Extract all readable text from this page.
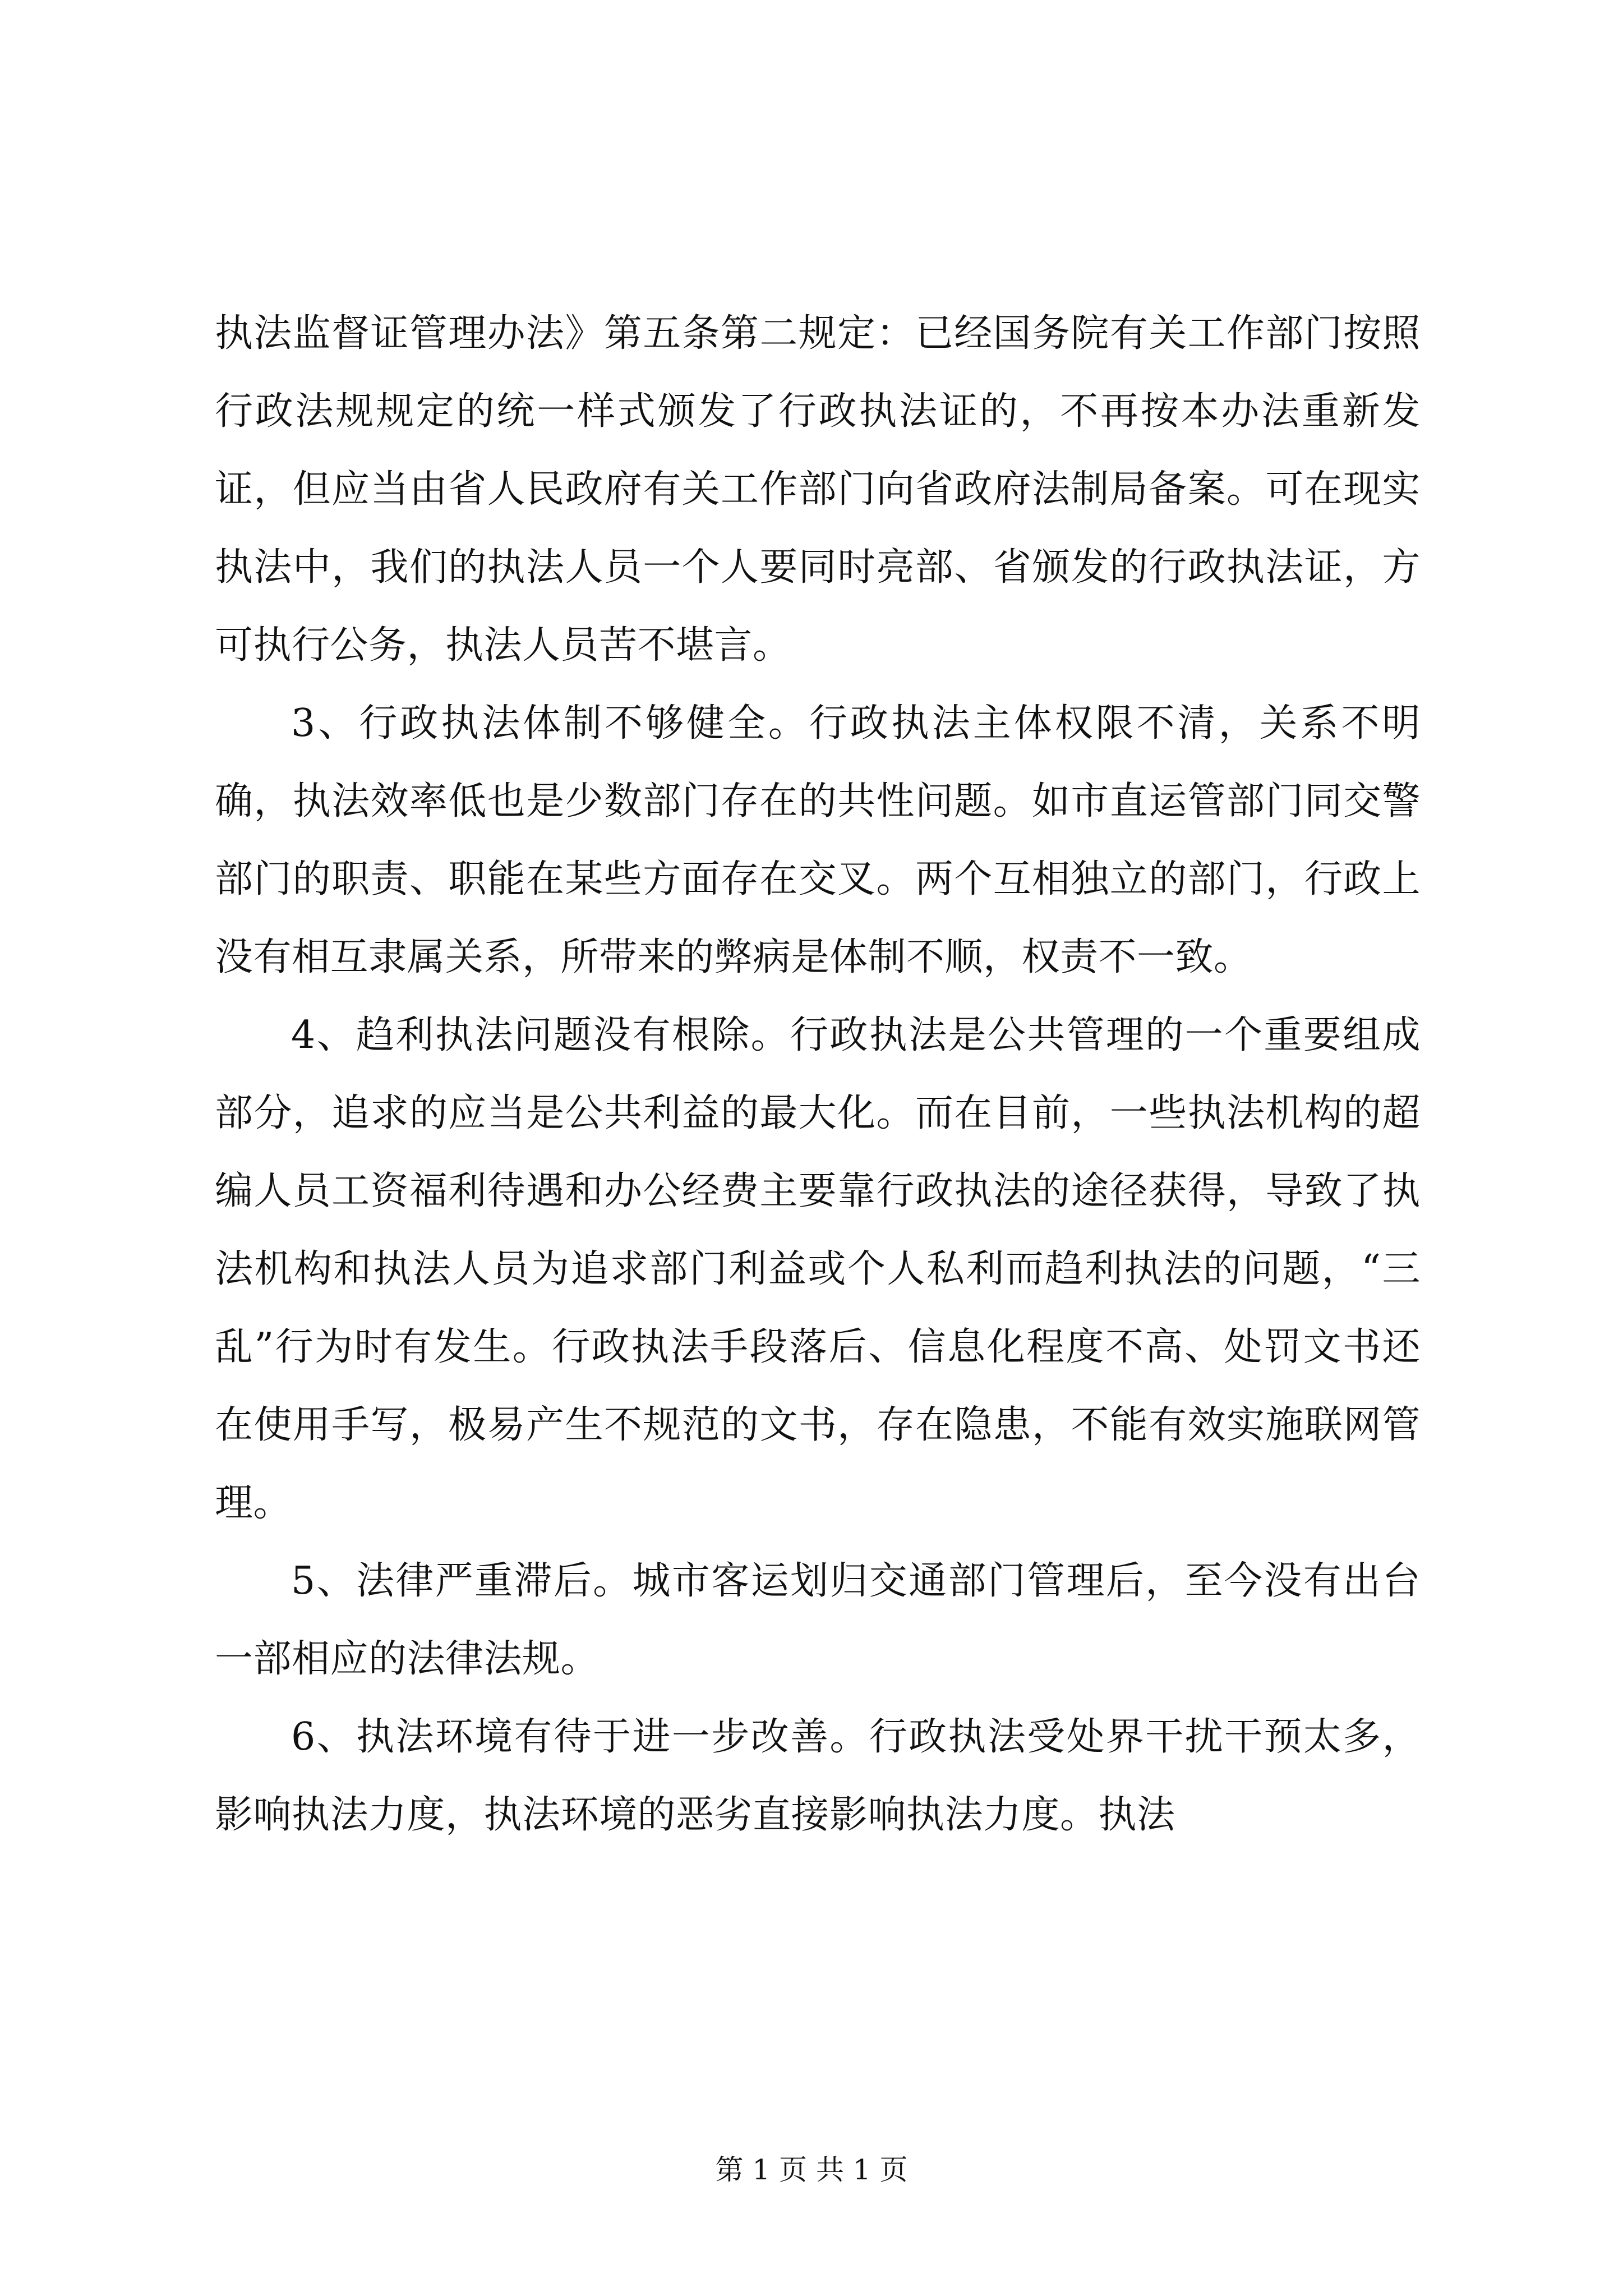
执法监督证管理办法》第五条第二规定：已经国务院有关工作部门按照行政法规规定的统一样式颁发了行政执法证的，不再按本办法重新发证，但应当由省人民政府有关工作部门向省政府法制局备案。可在现实执法中，我们的执法人员一个人要同时亮部、省颁发的行政执法证，方可执行公务，执法人员苦不堪言。

3、行政执法体制不够健全。行政执法主体权限不清，关系不明确，执法效率低也是少数部门存在的共性问题。如市直运管部门同交警部门的职责、职能在某些方面存在交叉。两个互相独立的部门，行政上没有相互隶属关系，所带来的弊病是体制不顺，权责不一致。

4、趋利执法问题没有根除。行政执法是公共管理的一个重要组成部分，追求的应当是公共利益的最大化。而在目前，一些执法机构的超编人员工资福利待遇和办公经费主要靠行政执法的途径获得，导致了执法机构和执法人员为追求部门利益或个人私利而趋利执法的问题，“三乱”行为时有发生。行政执法手段落后、信息化程度不高、处罚文书还在使用手写，极易产生不规范的文书，存在隐患，不能有效实施联网管理。

5、法律严重滞后。城市客运划归交通部门管理后，至今没有出台一部相应的法律法规。

6、执法环境有待于进一步改善。行政执法受处界干扰干预太多，影响执法力度，执法环境的恶劣直接影响执法力度。执法

第 1 页 共 1 页
